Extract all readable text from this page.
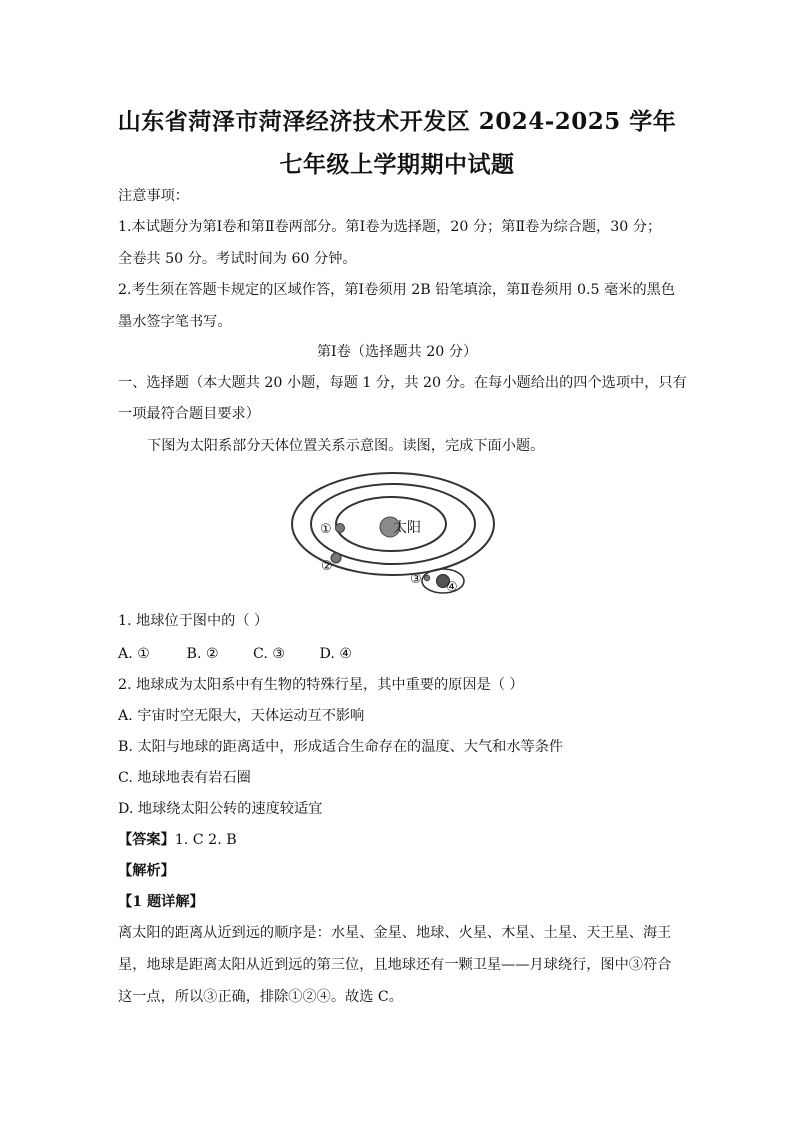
山东省菏泽市菏泽经济技术开发区 2024-2025 学年
七年级上学期期中试题
注意事项：
1.本试题分为第Ⅰ卷和第Ⅱ卷两部分。第Ⅰ卷为选择题，20 分；第Ⅱ卷为综合题，30 分；
全卷共 50 分。考试时间为 60 分钟。
2.考生须在答题卡规定的区域作答，第Ⅰ卷须用 2B 铅笔填涂，第Ⅱ卷须用 0.5 毫米的黑色
墨水签字笔书写。
第Ⅰ卷（选择题共 20 分）
一、选择题（本大题共 20 小题，每题 1 分，共 20 分。在每小题给出的四个选项中，只有
一项最符合题目要求）
下图为太阳系部分天体位置关系示意图。读图，完成下面小题。
太阳
①
②
③
④
1. 地球位于图中的（ ）
A. ①	B. ② C. ③ D. ④
2. 地球成为太阳系中有生物的特殊行星，其中重要的原因是（ ）
A. 宇宙时空无限大，天体运动互不影响
B. 太阳与地球的距离适中，形成适合生命存在的温度、大气和水等条件
C. 地球地表有岩石圈
D. 地球绕太阳公转的速度较适宜
【答案】1. C 2. B
【解析】
【1 题详解】
离太阳的距离从近到远的顺序是：水星、金星、地球、火星、木星、土星、天王星、海王
星，地球是距离太阳从近到远的第三位，且地球还有一颗卫星——月球绕行，图中③符合
这一点，所以③正确，排除①②④。故选 C。
